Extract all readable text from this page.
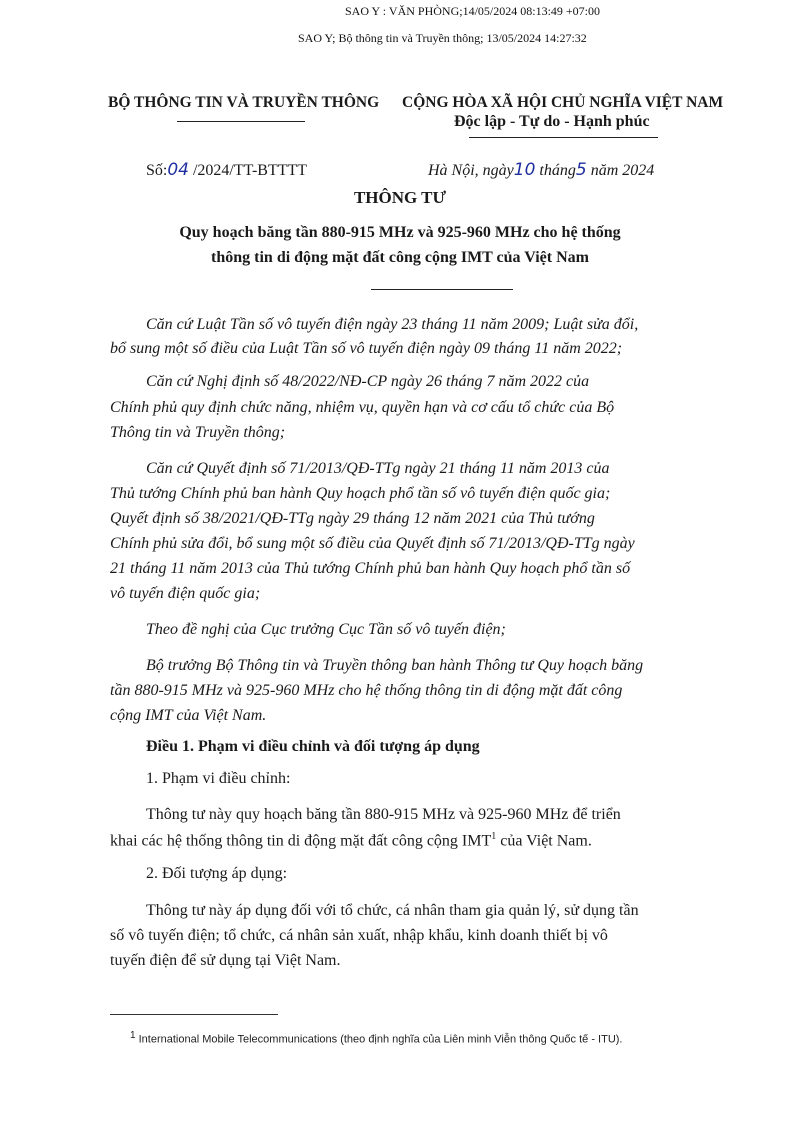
SAO Y : VĂN PHÒNG;14/05/2024 08:13:49 +07:00
SAO Y; Bộ thông tin và Truyền thông; 13/05/2024 14:27:32
BỘ THÔNG TIN VÀ TRUYỀN THÔNG CỘNG HÒA XÃ HỘI CHỦ NGHĨA VIỆT NAM
Độc lập - Tự do - Hạnh phúc
Số:04 /2024/TT-BTTTT	Hà Nội, ngày10 tháng5 năm 2024
THÔNG TƯ
Quy hoạch băng tần 880-915 MHz và 925-960 MHz cho hệ thống
thông tin di động mặt đất công cộng IMT của Việt Nam
Căn cứ Luật Tần số vô tuyến điện ngày 23 tháng 11 năm 2009; Luật sửa đổi,
bổ sung một số điều của Luật Tần số vô tuyến điện ngày 09 tháng 11 năm 2022;
Căn cứ Nghị định số 48/2022/NĐ-CP ngày 26 tháng 7 năm 2022 của
Chính phủ quy định chức năng, nhiệm vụ, quyền hạn và cơ cấu tổ chức của Bộ
Thông tin và Truyền thông;
Căn cứ Quyết định số 71/2013/QĐ-TTg ngày 21 tháng 11 năm 2013 của
Thủ tướng Chính phủ ban hành Quy hoạch phổ tần số vô tuyến điện quốc gia;
Quyết định số 38/2021/QĐ-TTg ngày 29 tháng 12 năm 2021 của Thủ tướng
Chính phủ sửa đổi, bổ sung một số điều của Quyết định số 71/2013/QĐ-TTg ngày
21 tháng 11 năm 2013 của Thủ tướng Chính phủ ban hành Quy hoạch phổ tần số
vô tuyến điện quốc gia;
Theo đề nghị của Cục trưởng Cục Tần số vô tuyến điện;
Bộ trưởng Bộ Thông tin và Truyền thông ban hành Thông tư Quy hoạch băng
tần 880-915 MHz và 925-960 MHz cho hệ thống thông tin di động mặt đất công
cộng IMT của Việt Nam.
Điều 1. Phạm vi điều chỉnh và đối tượng áp dụng
1. Phạm vi điều chỉnh:
Thông tư này quy hoạch băng tần 880-915 MHz và 925-960 MHz để triển
khai các hệ thống thông tin di động mặt đất công cộng IMT$^1$ của Việt Nam.
2. Đối tượng áp dụng:
Thông tư này áp dụng đối với tổ chức, cá nhân tham gia quản lý, sử dụng tần
số vô tuyến điện; tổ chức, cá nhân sản xuất, nhập khẩu, kinh doanh thiết bị vô
tuyến điện để sử dụng tại Việt Nam.
$^1$ International Mobile Telecommunications (theo định nghĩa của Liên minh Viễn thông Quốc tế - ITU).
